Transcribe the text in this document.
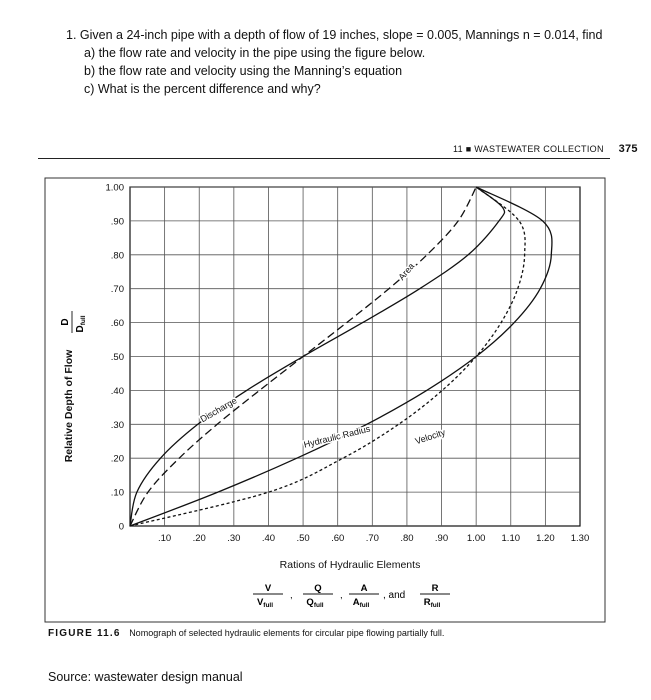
1. Given a 24-inch pipe with a depth of flow of 19 inches, slope = 0.005, Mannings n = 0.014, find
a) the flow rate and velocity in the pipe using the figure below.
b) the flow rate and velocity using the Manning’s equation
c) What is the percent difference and why?
11 ■ WASTEWATER COLLECTION 375
0
.10
.20
.30
.40
.50
.60
.70
.80
.90
1.00
.10 .20 .30 .40 .50 .60 .70 .80 .90 1.00 1.10 1.20 1.30
Area
Discharge
Hydraulic Radius	Velocity
Rations of Hydraulic Elements
Relative Depth of Flow
D
$D_{full}$
V
$V_{full}$
,
Q
$Q_{full}$
,
A
$A_{full}$
R
$R_{full}$
, and
FIGURE 11.6 Nomograph of selected hydraulic elements for circular pipe flowing partially full.
Source: wastewater design manual
